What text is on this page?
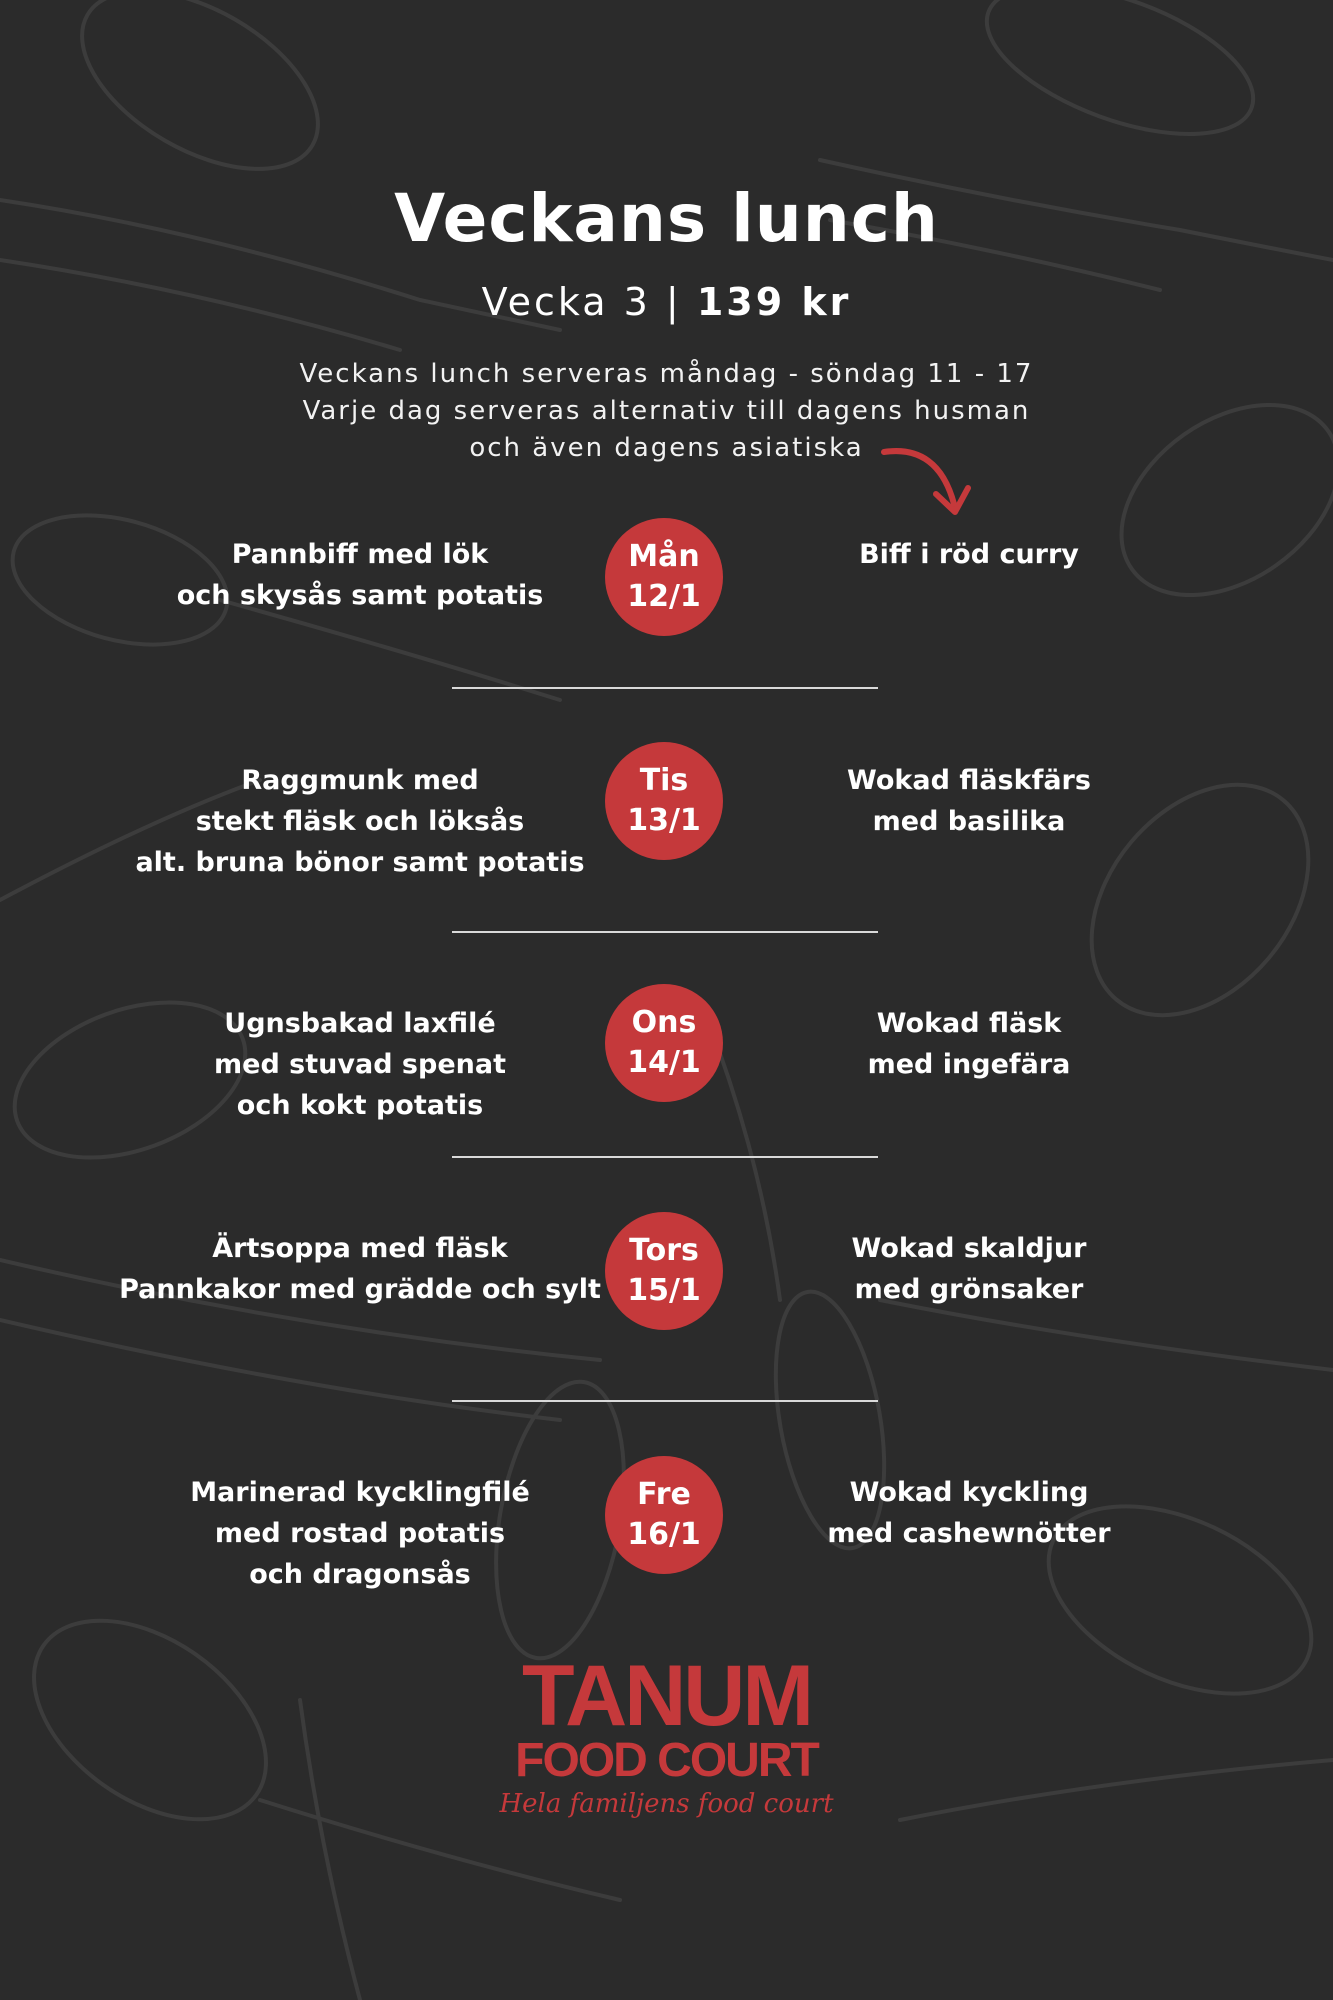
Veckans lunch
Vecka 3 | 139 kr
Veckans lunch serveras måndag - söndag 11 - 17
Varje dag serveras alternativ till dagens husman
och även dagens asiatiska
Pannbiff med lök
och skysås samt potatis
Mån
12/1
Biff i röd curry
Raggmunk med
stekt fläsk och löksås
alt. bruna bönor samt potatis
Tis
13/1
Wokad fläskfärs
med basilika
Ugnsbakad laxfilé
med stuvad spenat
och kokt potatis
Ons
14/1
Wokad fläsk
med ingefära
Ärtsoppa med fläsk
Pannkakor med grädde och sylt
Tors
15/1
Wokad skaldjur
med grönsaker
Marinerad kycklingfilé
med rostad potatis
och dragonsås
Fre
16/1
Wokad kyckling
med cashewnötter
TANUM
FOOD COURT
Hela familjens food court
